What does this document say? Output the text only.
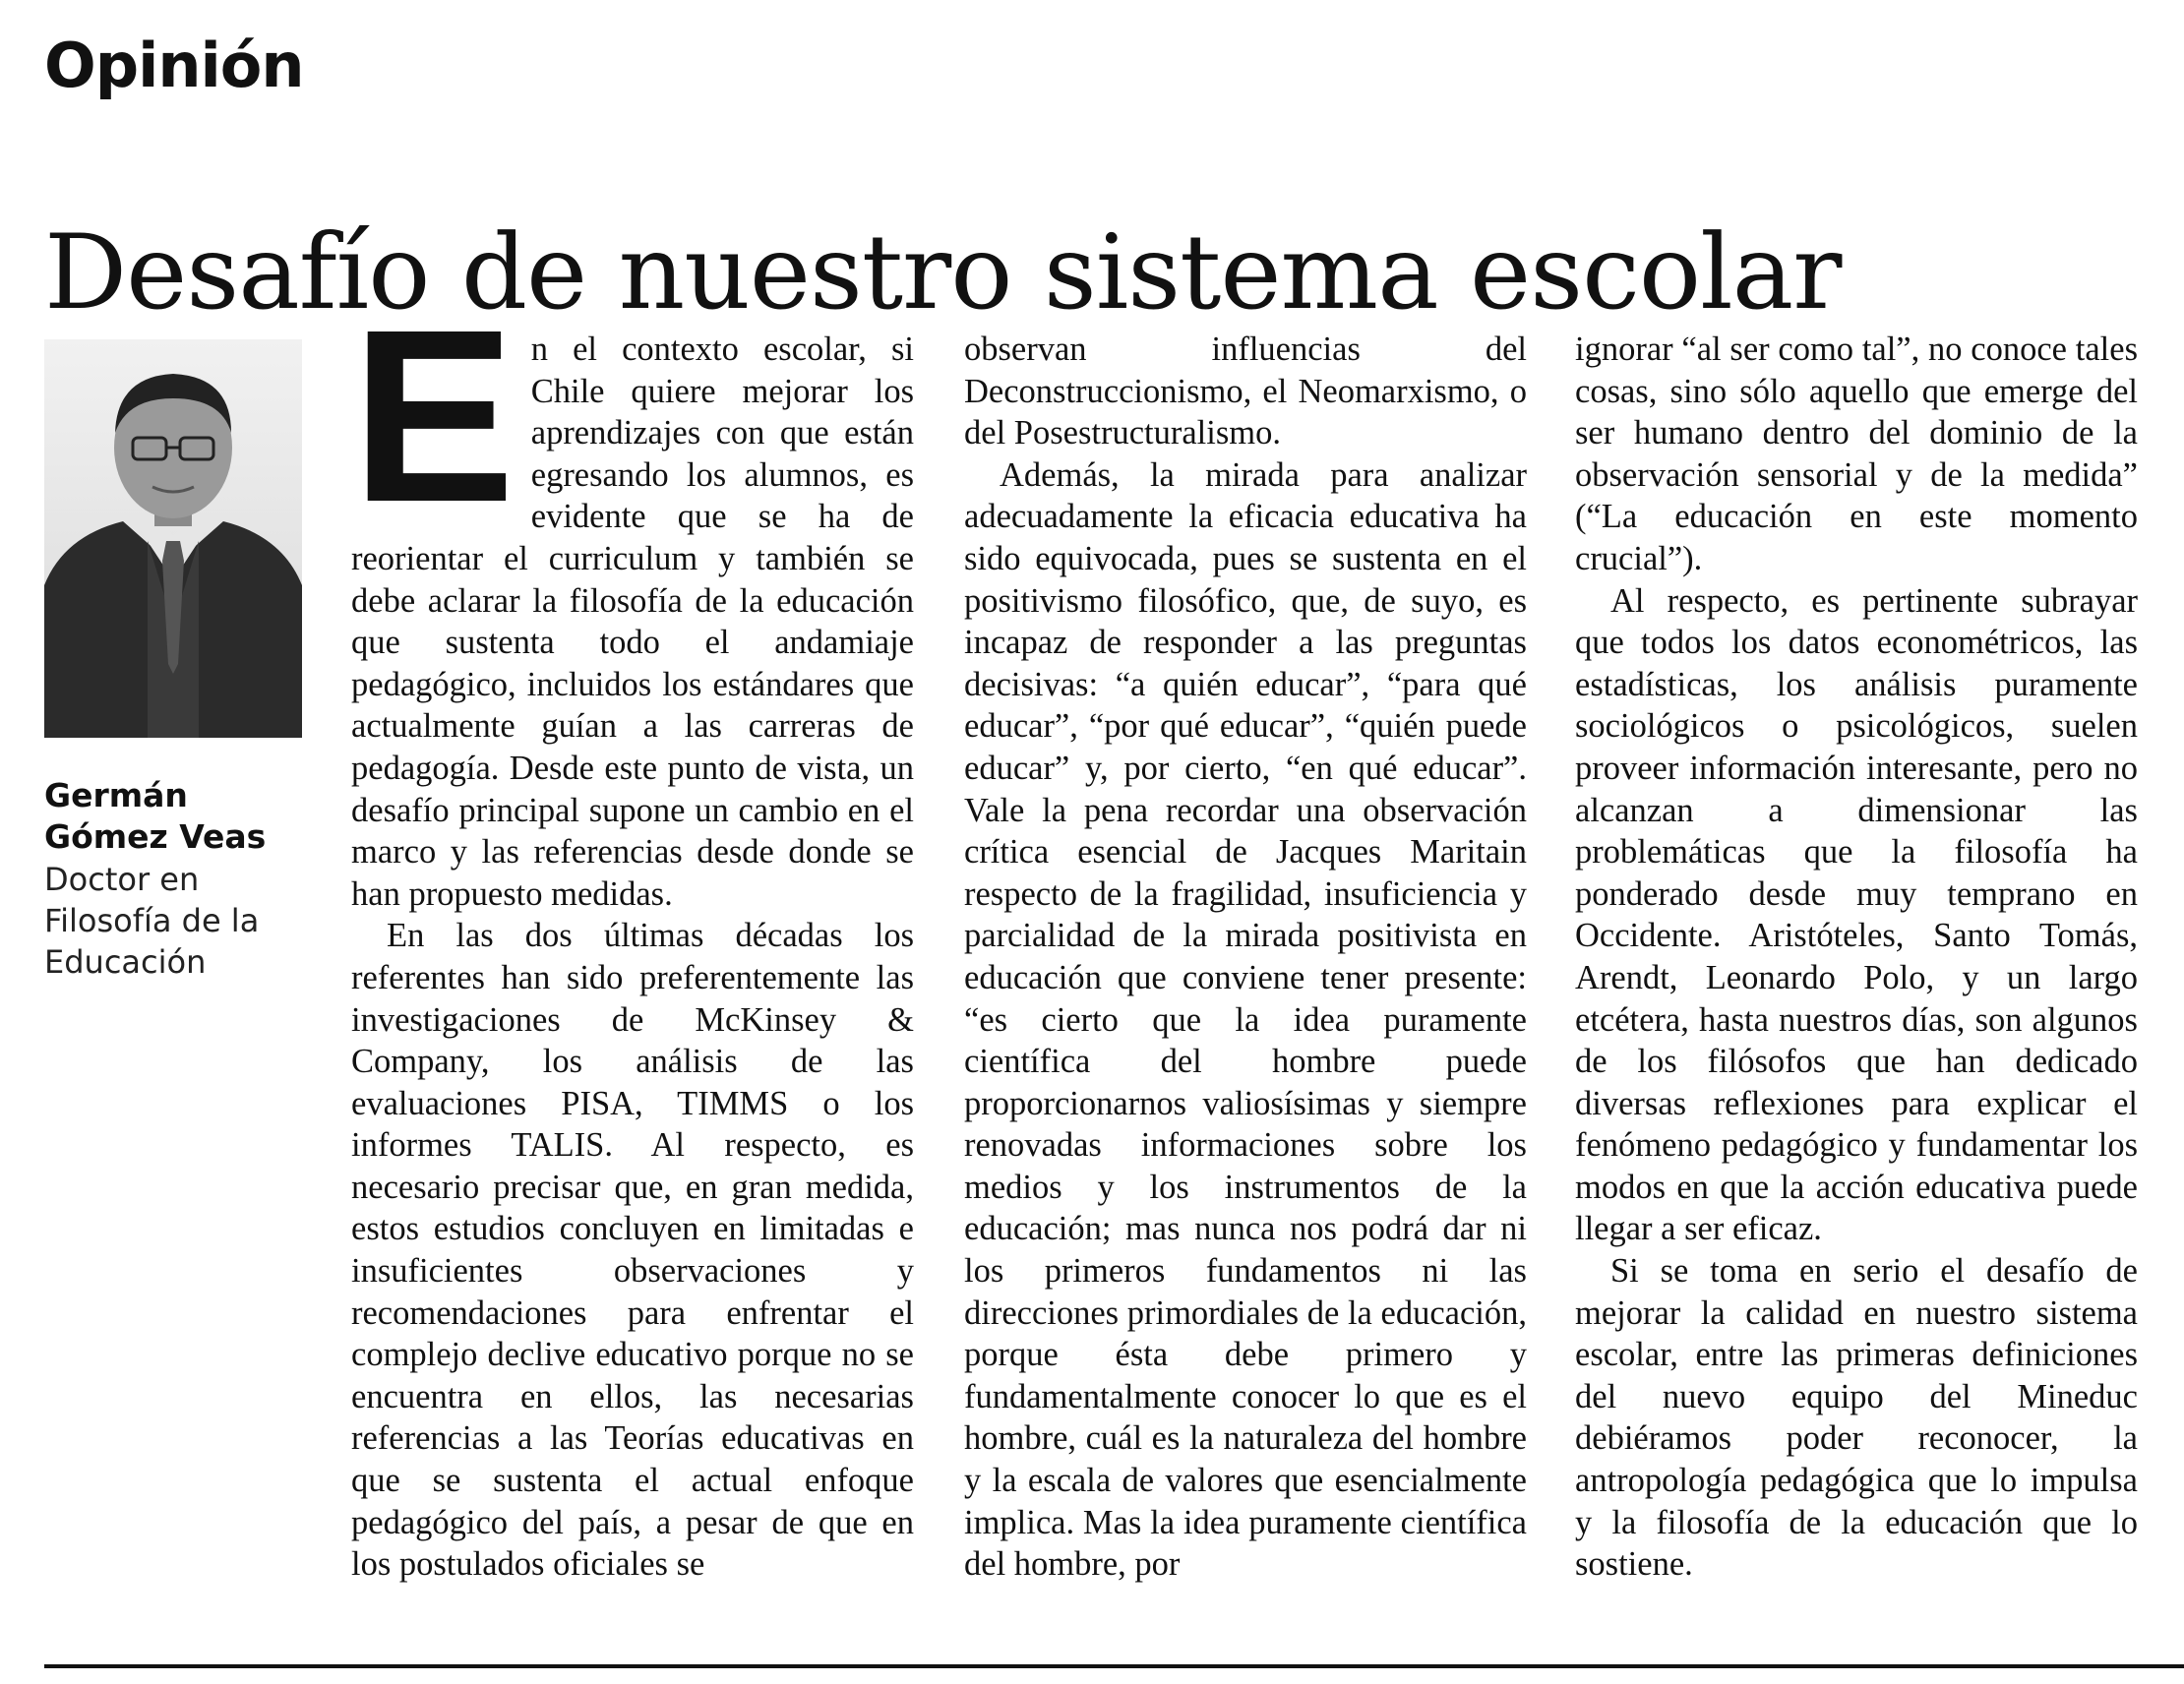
Opinión
Desafío de nuestro sistema escolar
Germán
Gómez Veas
Doctor en
Filosofía de la
Educación

En el contexto escolar, si Chile quiere mejorar los aprendizajes con que están egresando los alumnos, es evidente que se ha de reorientar el curriculum y también se debe aclarar la filosofía de la educación que sustenta todo el andamiaje pedagógico, incluidos los estándares que actualmente guían a las carreras de pedagogía. Desde este punto de vista, un desafío principal supone un cambio en el marco y las referencias desde donde se han propuesto medidas.

En las dos últimas décadas los referentes han sido preferentemente las investigaciones de McKinsey & Company, los análisis de las evaluaciones PISA, TIMMS o los informes TALIS. Al respecto, es necesario precisar que, en gran medida, estos estudios concluyen en limitadas e insuficientes observaciones y recomendaciones para enfrentar el complejo declive educativo porque no se encuentra en ellos, las necesarias referencias a las Teorías educativas en que se sustenta el actual enfoque pedagógico del país, a pesar de que en los postulados oficiales se

observan influencias del Deconstruccionismo, el Neomarxismo, o del Posestructuralismo.

Además, la mirada para analizar adecuadamente la eficacia educativa ha sido equivocada, pues se sustenta en el positivismo filosófico, que, de suyo, es incapaz de responder a las preguntas decisivas: “a quién educar”, “para qué educar”, “por qué educar”, “quién puede educar” y, por cierto, “en qué educar”. Vale la pena recordar una observación crítica esencial de Jacques Maritain respecto de la fragilidad, insuficiencia y parcialidad de la mirada positivista en educación que conviene tener presente: “es cierto que la idea puramente científica del hombre puede proporcionarnos valiosísimas y siempre renovadas informaciones sobre los medios y los instrumentos de la educación; mas nunca nos podrá dar ni los primeros fundamentos ni las direcciones primordiales de la educación, porque ésta debe primero y fundamentalmente conocer lo que es el hombre, cuál es la naturaleza del hombre y la escala de valores que esencialmente implica. Mas la idea puramente científica del hombre, por

ignorar “al ser como tal”, no conoce tales cosas, sino sólo aquello que emerge del ser humano dentro del dominio de la observación sensorial y de la medida” (“La educación en este momento crucial”).

Al respecto, es pertinente subrayar que todos los datos econométricos, las estadísticas, los análisis puramente sociológicos o psicológicos, suelen proveer información interesante, pero no alcanzan a dimensionar las problemáticas que la filosofía ha ponderado desde muy temprano en Occidente. Aristóteles, Santo Tomás, Arendt, Leonardo Polo, y un largo etcétera, hasta nuestros días, son algunos de los filósofos que han dedicado diversas reflexiones para explicar el fenómeno pedagógico y fundamentar los modos en que la acción educativa puede llegar a ser eficaz.

Si se toma en serio el desafío de mejorar la calidad en nuestro sistema escolar, entre las primeras definiciones del nuevo equipo del Mineduc debiéramos poder reconocer, la antropología pedagógica que lo impulsa y la filosofía de la educación que lo sostiene.
